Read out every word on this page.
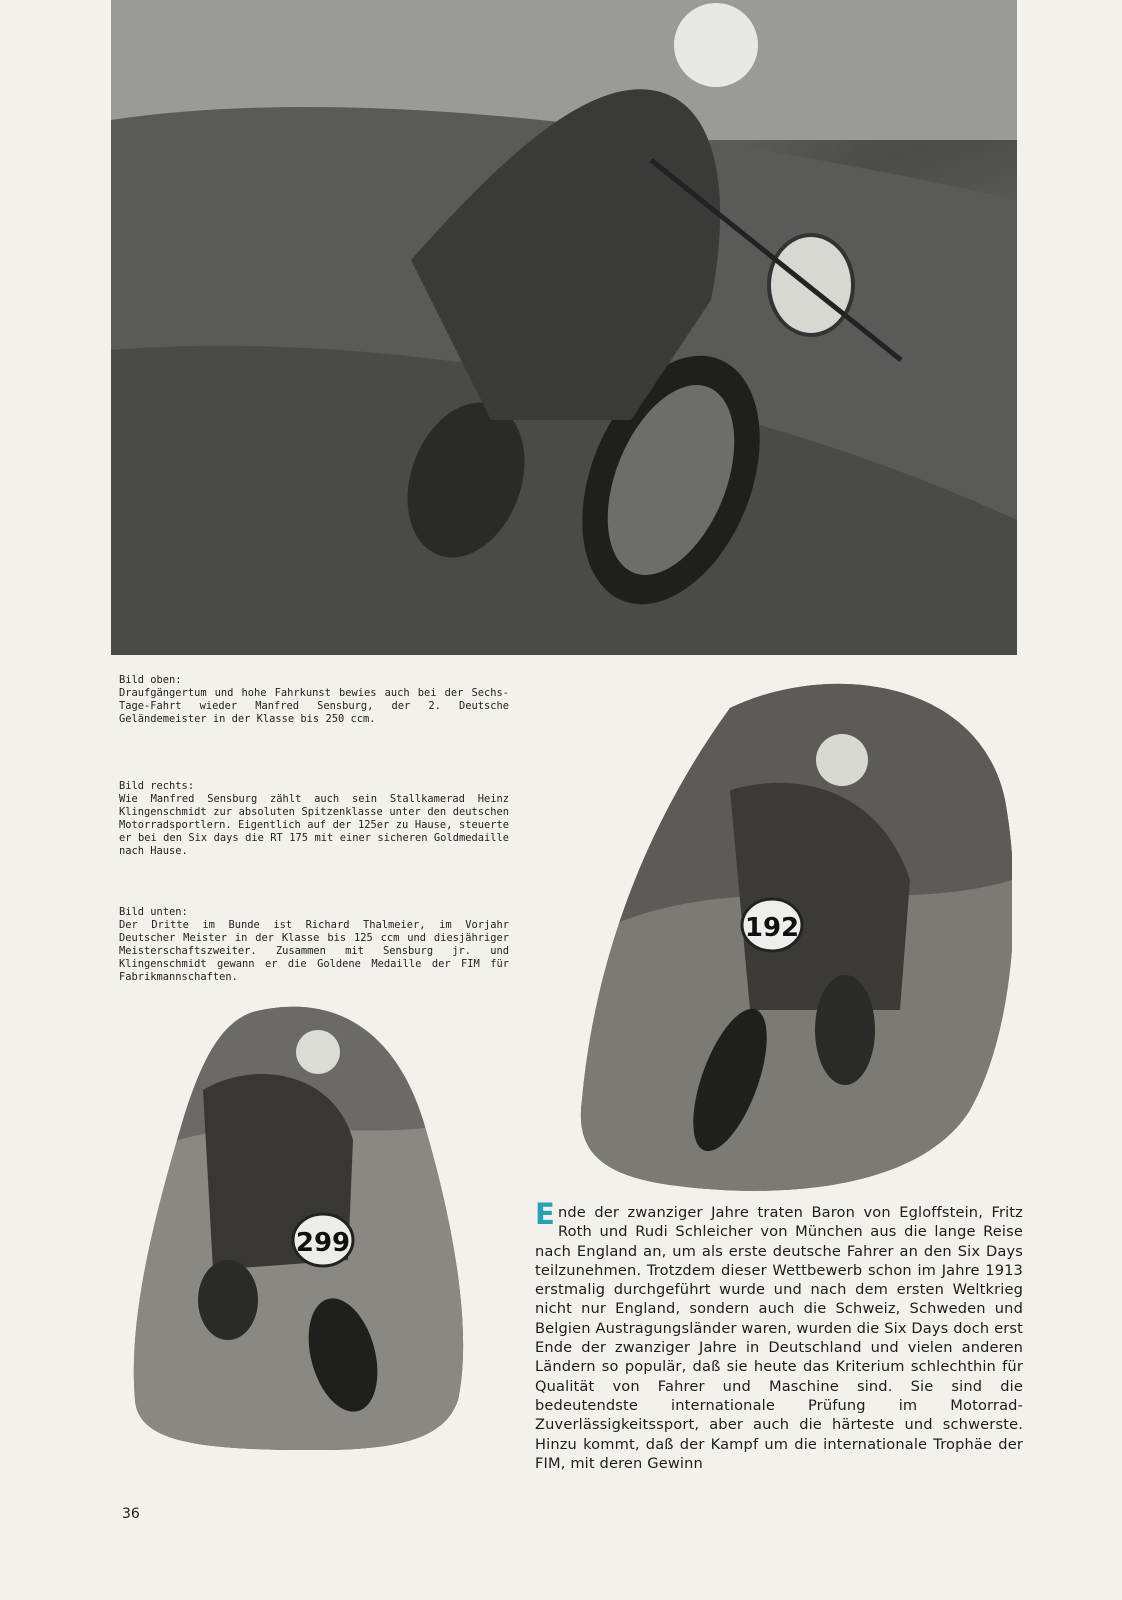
Bild oben:
Draufgängertum und hohe Fahrkunst bewies auch bei der Sechs-Tage-Fahrt wieder Manfred Sensburg, der 2. Deutsche Geländemeister in der Klasse bis 250 ccm.

Bild rechts:
Wie Manfred Sensburg zählt auch sein Stallkamerad Heinz Klingenschmidt zur absoluten Spitzenklasse unter den deutschen Motorradsportlern. Eigentlich auf der 125er zu Hause, steuerte er bei den Six days die RT 175 mit einer sicheren Goldmedaille nach Hause.

Bild unten:
Der Dritte im Bunde ist Richard Thalmeier, im Vorjahr Deutscher Meister in der Klasse bis 125 ccm und diesjähriger Meisterschaftszweiter. Zusammen mit Sensburg jr. und Klingenschmidt gewann er die Goldene Medaille der FIM für Fabrikmannschaften.

192
299

Ende der zwanziger Jahre traten Baron von Egloffstein, Fritz Roth und Rudi Schleicher von München aus die lange Reise nach England an, um als erste deutsche Fahrer an den Six Days teilzunehmen. Trotzdem dieser Wettbewerb schon im Jahre 1913 erstmalig durchgeführt wurde und nach dem ersten Weltkrieg nicht nur England, sondern auch die Schweiz, Schweden und Belgien Austragungsländer waren, wurden die Six Days doch erst Ende der zwanziger Jahre in Deutschland und vielen anderen Ländern so populär, daß sie heute das Kriterium schlechthin für Qualität von Fahrer und Maschine sind. Sie sind die bedeutendste internationale Prüfung im Motorrad-Zuverlässigkeitssport, aber auch die härteste und schwerste. Hinzu kommt, daß der Kampf um die internationale Trophäe der FIM, mit deren Gewinn

36
